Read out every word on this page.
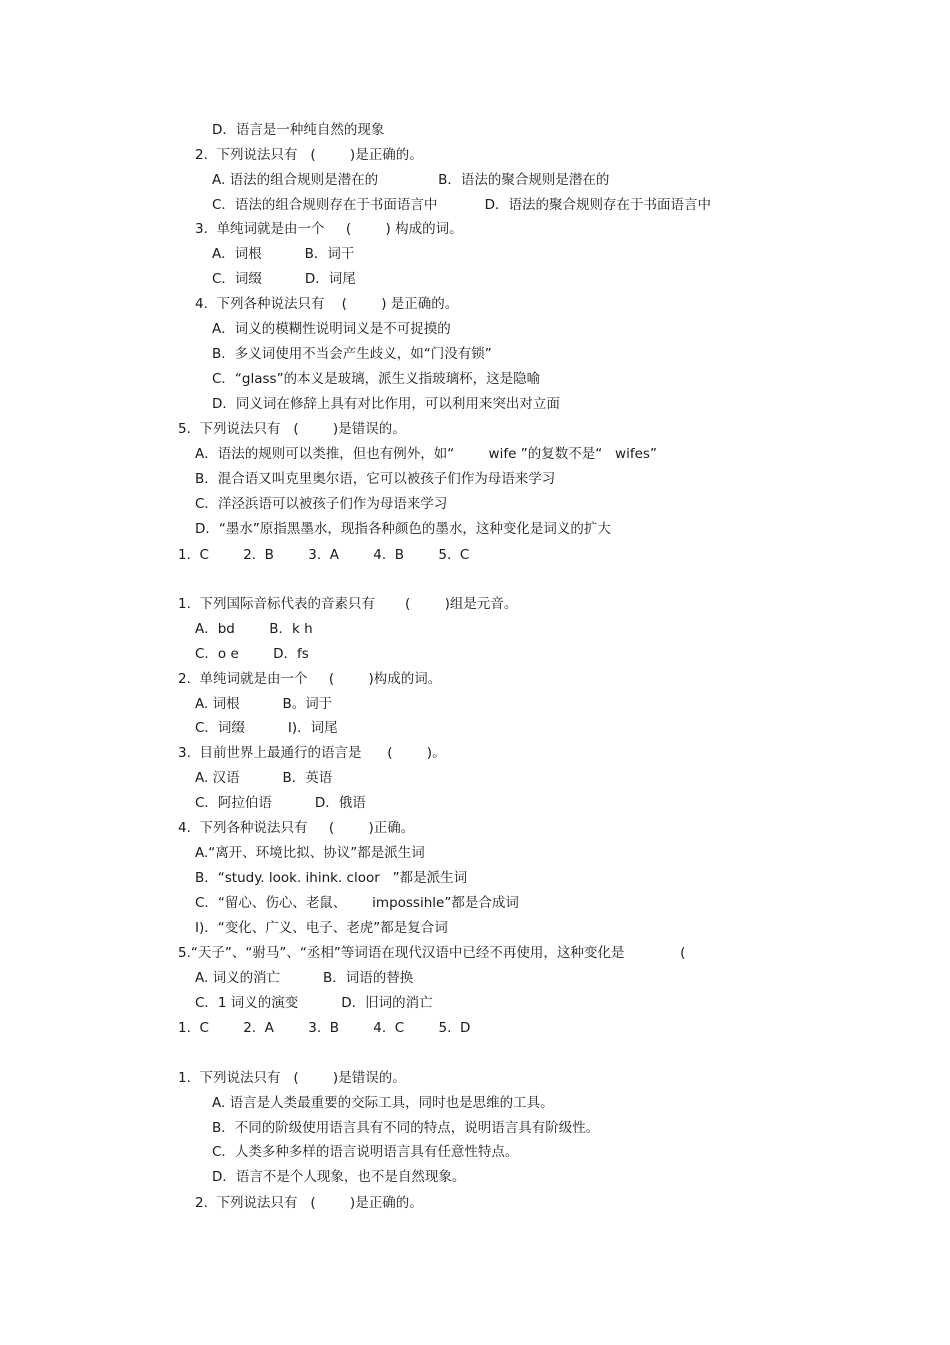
D．语言是一种纯自然的现象
2.  下列说法只有   (        )是正确的。
A. 语法的组合规则是潜在的              B．语法的聚合规则是潜在的
C．语法的组合规则存在于书面语言中           D．语法的聚合规则存在于书面语言中
3.  单纯词就是由一个     (        ) 构成的词。
A．词根          B．词干
C．词缀          D．词尾
4.  下列各种说法只有    (        ) 是正确的。
A．词义的模糊性说明词义是不可捉摸的
B．多义词使用不当会产生歧义，如“门没有锁”
C．“glass”的本义是玻璃，派生义指玻璃杯，这是隐喻
D．同义词在修辞上具有对比作用，可以利用来突出对立面
5.  下列说法只有   (        )是错误的。
A．语法的规则可以类推，但也有例外，如“        wife ”的复数不是“   wifes”
B．混合语又叫克里奥尔语，它可以被孩子们作为母语来学习
C．洋泾浜语可以被孩子们作为母语来学习
D．“墨水”原指黑墨水，现指各种颜色的墨水，这种变化是词义的扩大
1.  C        2.  B        3.  A        4.  B        5.  C
1.  下列国际音标代表的音素只有       (        )组是元音。
A．bd        B．k h
C．o e        D．fs
2.  单纯词就是由一个     (        )构成的词。
A. 词根          B。词于
C．词缀          I)．词尾
3.  目前世界上最通行的语言是      (        )。
A. 汉语          B．英语
C．阿拉伯语          D．俄语
4.  下列各种说法只有     (        )正确。
A.“离开、环境比拟、协议”都是派生词
B．“study. look. ihink. cloor   ”都是派生词
C．“留心、伤心、老鼠、      impossihle”都是合成词
I)．“变化、广义、电子、老虎”都是复合词
5.“天子”、“驸马”、“丞相”等词语在现代汉语中已经不再使用，这种变化是             (
A. 词义的消亡          B．词语的替换
C．1 词义的演变          D．旧词的消亡
1.  C        2.  A        3.  B        4.  C        5.  D
1.  下列说法只有   (        )是错误的。
A. 语言是人类最重要的交际工具，同时也是思维的工具。
B．不同的阶级使用语言具有不同的特点，说明语言具有阶级性。
C．人类多种多样的语言说明语言具有任意性特点。
D．语言不是个人现象，也不是自然现象。
2.  下列说法只有   (        )是正确的。
